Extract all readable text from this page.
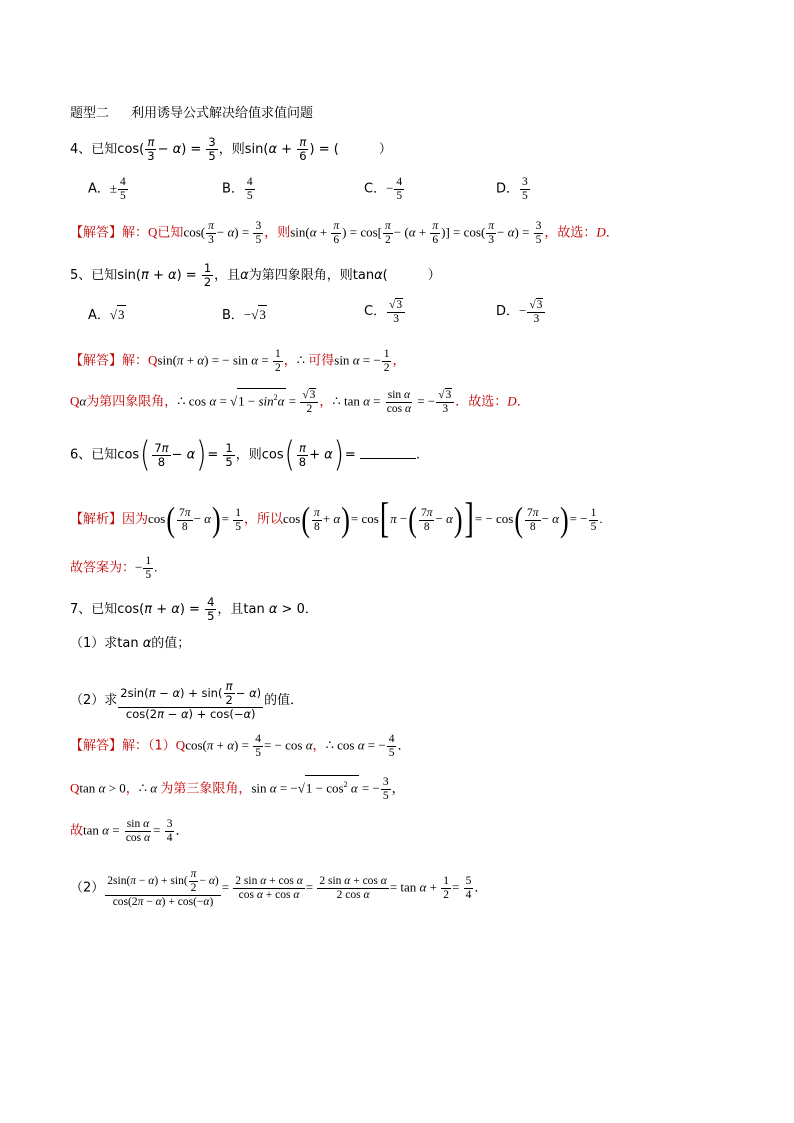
题型二 利用诱导公式解决给值求值问题
4、已知$\cos( \frac{\pi}{3} - \alpha) = \frac{3}{5}$ ，则$\sin(\alpha + \frac{\pi}{6}$ ) = (	）
A．± $\frac{4}{5}$	B． $\frac{4}{5}$	C．− $\frac{4}{5}$	D． $\frac{3}{5}$
【解答】解：Q已知$\cos( \frac{\pi}{3} - \alpha) = \frac{3}{5}$ ，则$\sin(\alpha + \frac{\pi}{6}$ ) = $\cos[ \frac{\pi}{2} - (\alpha + \frac{\pi}{6}$ )] = $\cos( \frac{\pi}{3} - \alpha) = \frac{3}{5}$ ，故选：D．
5、已知$\sin(\pi + \alpha) = \frac{1}{2}$ ，且α为第四象限角，则tanα(	）
A．√3	B．−√3	C． $\frac{√3}{3}$	D．− $\frac{√3}{3}$
【解答】解：Qsin(π + α) = − $\sin \alpha = \frac{1}{2}$ ，∴ 可得sin α = − $\frac{1}{2}$ ，
Qα为第四象限角，∴ $\cos \alpha = √1 - \sin^2\alpha = \frac{√3}{2}$ ，∴ $\tan \alpha = \frac{\text{sin α}}{\text{cos α}}$ = − $\frac{√3}{3}$ ．故选：D．
6、已知$\cos( \frac{7\pi}{8} - \alpha)= \frac{1}{5}$ ，则$\cos( \frac{\pi}{8} + \alpha)=$	.
【解析】因为$\cos( \frac{7\pi}{8} - \alpha)= \frac{1}{5}$ ，所以$\cos( \frac{\pi}{8} + \alpha)= \cos[\pi$ −( $\frac{7\pi}{8} - \alpha)]= - \cos( \frac{7\pi}{8} - \alpha)= - \frac{1}{5}$ .
故答案为：− $\frac{1}{5}$ .
7、已知$\cos(\pi + \alpha) = \frac{4}{5}$ ，且tan α > 0．
（1）求tan α的值；
（2）求 $\frac{2\sin(\pi - \alpha) + \sin( \frac{\pi}{2} - \alpha)}{\cos(2\pi - \alpha) + \cos(-\alpha)}$ 的值．
【解答】解：$(1)Qcos(\pi + \alpha) = \frac{4}{5}$ = − cos α，∴ cos α = − $\frac{4}{5}$ ．
Qtan α > 0，∴ α 为第三象限角，$\sin \alpha = -√1 - \cos^2 \alpha$ = − $\frac{3}{5}$ ，
故$\tan \alpha = \frac{\text{sin α}}{\text{cos α}} = \frac{3}{4}$ ．
$(2) \frac{2\sin(\pi - \alpha) + \sin( \frac{\pi}{2} - \alpha)}{\cos(2\pi - \alpha) + \cos(-\alpha)} = \frac{\text{2 sin α + cos α}}{\text{cos α + cos α}} = \frac{\text{2 sin α + cos α}}{\text{2 cos α}} = \tan \alpha + \frac{1}{2} = \frac{5}{4}$ ．
